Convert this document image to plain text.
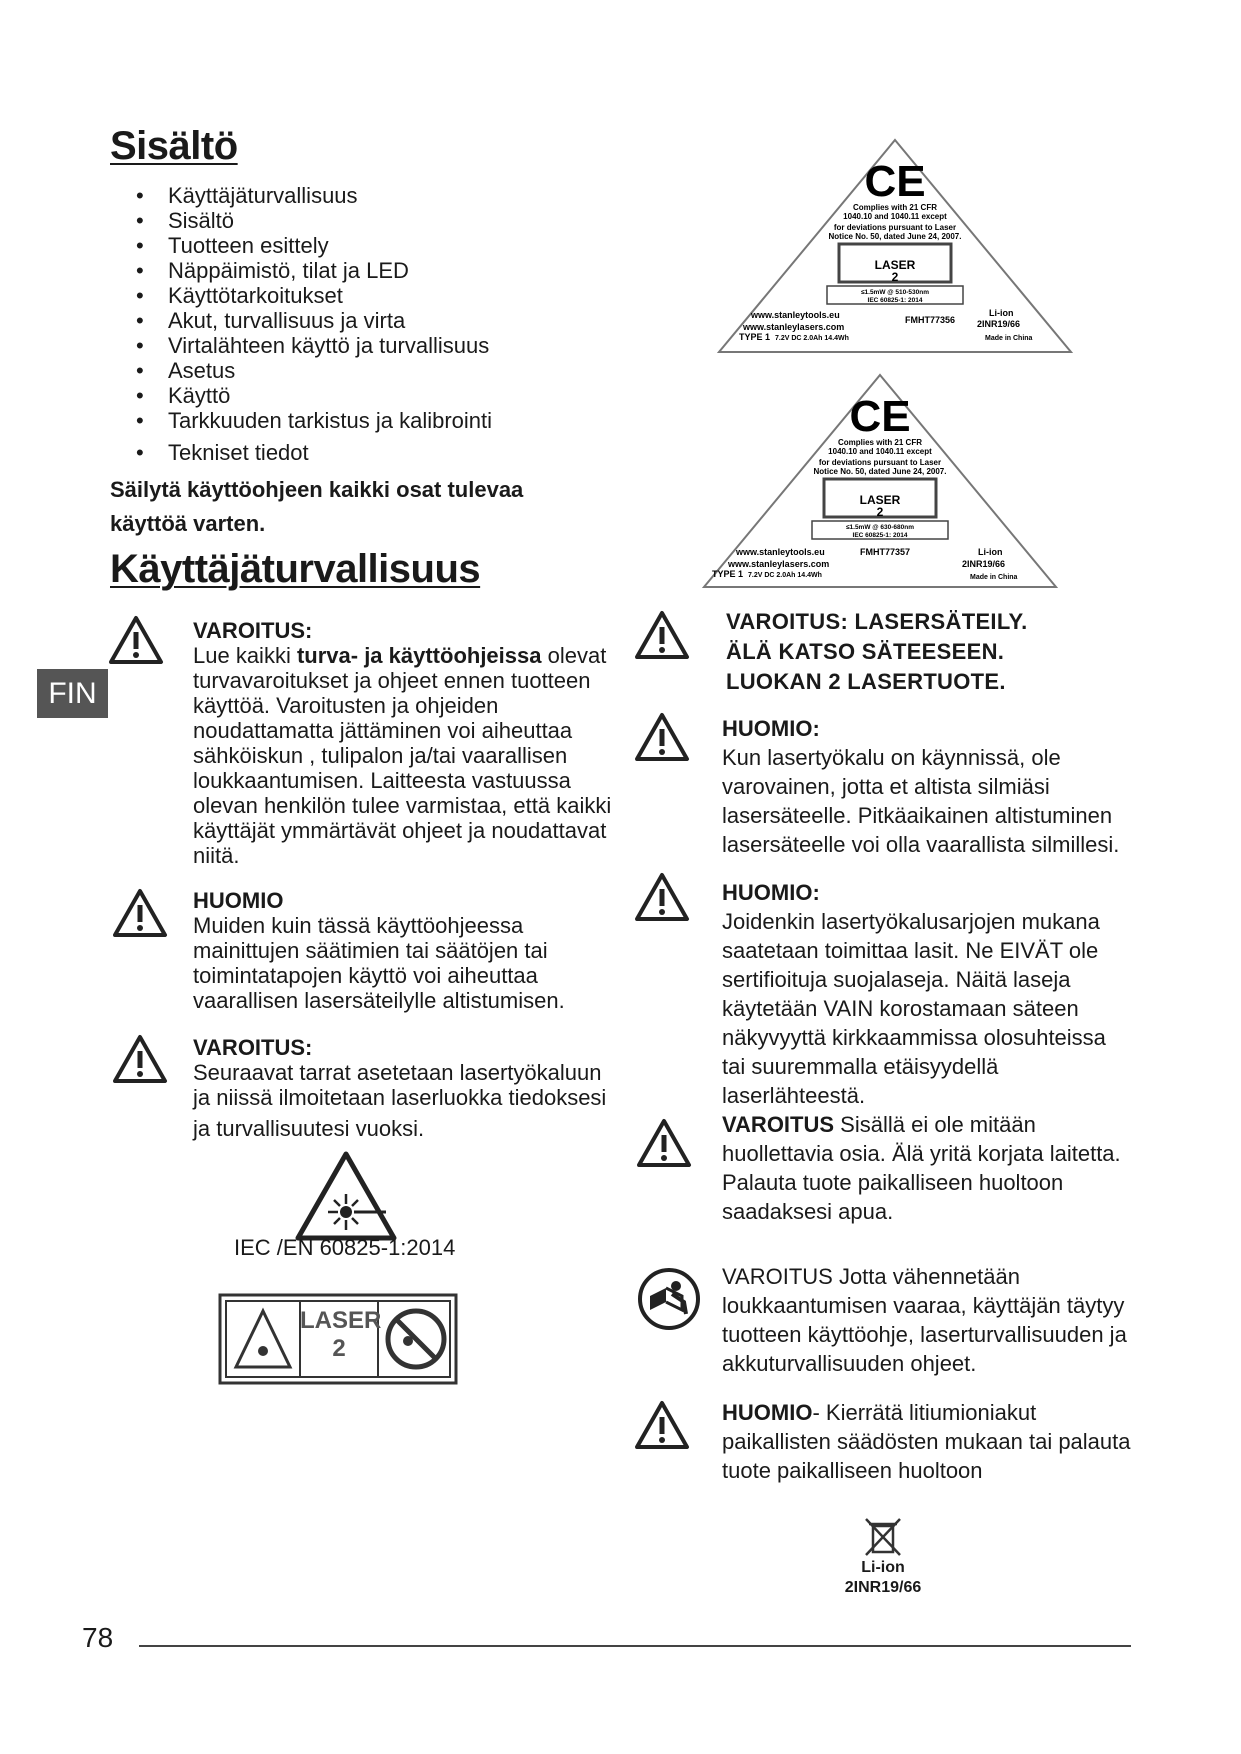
Sisältö
• Käyttäjäturvallisuus
• Sisältö
• Tuotteen esittely
• Näppäimistö, tilat ja LED
• Käyttötarkoitukset
• Akut, turvallisuus ja virta
• Virtalähteen käyttö ja turvallisuus
• Asetus
• Käyttö
• Tarkkuuden tarkistus ja kalibrointi
• Tekniset tiedot
Säilytä käyttöohjeen kaikki osat tulevaa käyttöä varten.
Käyttäjäturvallisuus
FIN
VAROITUS:
Lue kaikki turva- ja käyttöohjeissa olevat turvavaroitukset ja ohjeet ennen tuotteen käyttöä. Varoitusten ja ohjeiden noudattamatta jättäminen voi aiheuttaa sähköiskun , tulipalon ja/tai vaarallisen loukkaantumisen. Laitteesta vastuussa olevan henkilön tulee varmistaa, että kaikki käyttäjät ymmärtävät ohjeet ja noudattavat niitä.
HUOMIO
Muiden kuin tässä käyttöohjeessa mainittujen säätimien tai säätöjen tai toimintatapojen käyttö voi aiheuttaa vaarallisen lasersäteilylle altistumisen.
VAROITUS:
Seuraavat tarrat asetetaan lasertyökaluun ja niissä ilmoitetaan laserluokka tiedoksesi
ja turvallisuutesi vuoksi.
IEC /EN 60825-1:2014
LASER
2
CE
Complies with 21 CFR
1040.10 and 1040.11 except
for deviations pursuant to Laser
Notice No. 50, dated June 24, 2007.
LASER
2
≤1.5mW @ 510-530nm
IEC 60825-1: 2014
www.stanleytools.eu	FMHT77356
Li-ion
2INR19/66
www.stanleylasers.com
TYPE 1 7.2V DC 2.0Ah 14.4Wh	Made in China
CE
Complies with 21 CFR
1040.10 and 1040.11 except
for deviations pursuant to Laser
Notice No. 50, dated June 24, 2007.
LASER
2
≤1.5mW @ 630-680nm
IEC 60825-1: 2014
www.stanleytools.eu	FMHT77357	Li-ion
2INR19/66
www.stanleylasers.com
TYPE 1 7.2V DC 2.0Ah 14.4Wh	Made in China
VAROITUS: LASERSÄTEILY. ÄLÄ KATSO SÄTEESEEN. LUOKAN 2 LASERTUOTE.
HUOMIO:
Kun lasertyökalu on käynnissä, ole varovainen, jotta et altista silmiäsi lasersäteelle. Pitkäaikainen altistuminen lasersäteelle voi olla vaarallista silmillesi.
HUOMIO:
Joidenkin lasertyökalusarjojen mukana saatetaan toimittaa lasit. Ne EIVÄT ole sertifioituja suojalaseja. Näitä laseja käytetään VAIN korostamaan säteen näkyvyyttä kirkkaammissa olosuhteissa tai suuremmalla etäisyydellä laserlähteestä.
VAROITUS Sisällä ei ole mitään huollettavia osia. Älä yritä korjata laitetta. Palauta tuote paikalliseen huoltoon saadaksesi apua.
VAROITUS Jotta vähennetään loukkaantumisen vaaraa, käyttäjän täytyy tuotteen käyttöohje, laserturvallisuuden ja akkuturvallisuuden ohjeet.
HUOMIO- Kierrätä litiumioniakut paikallisten säädösten mukaan tai palauta tuote paikalliseen huoltoon
Li-ion
2INR19/66
78
